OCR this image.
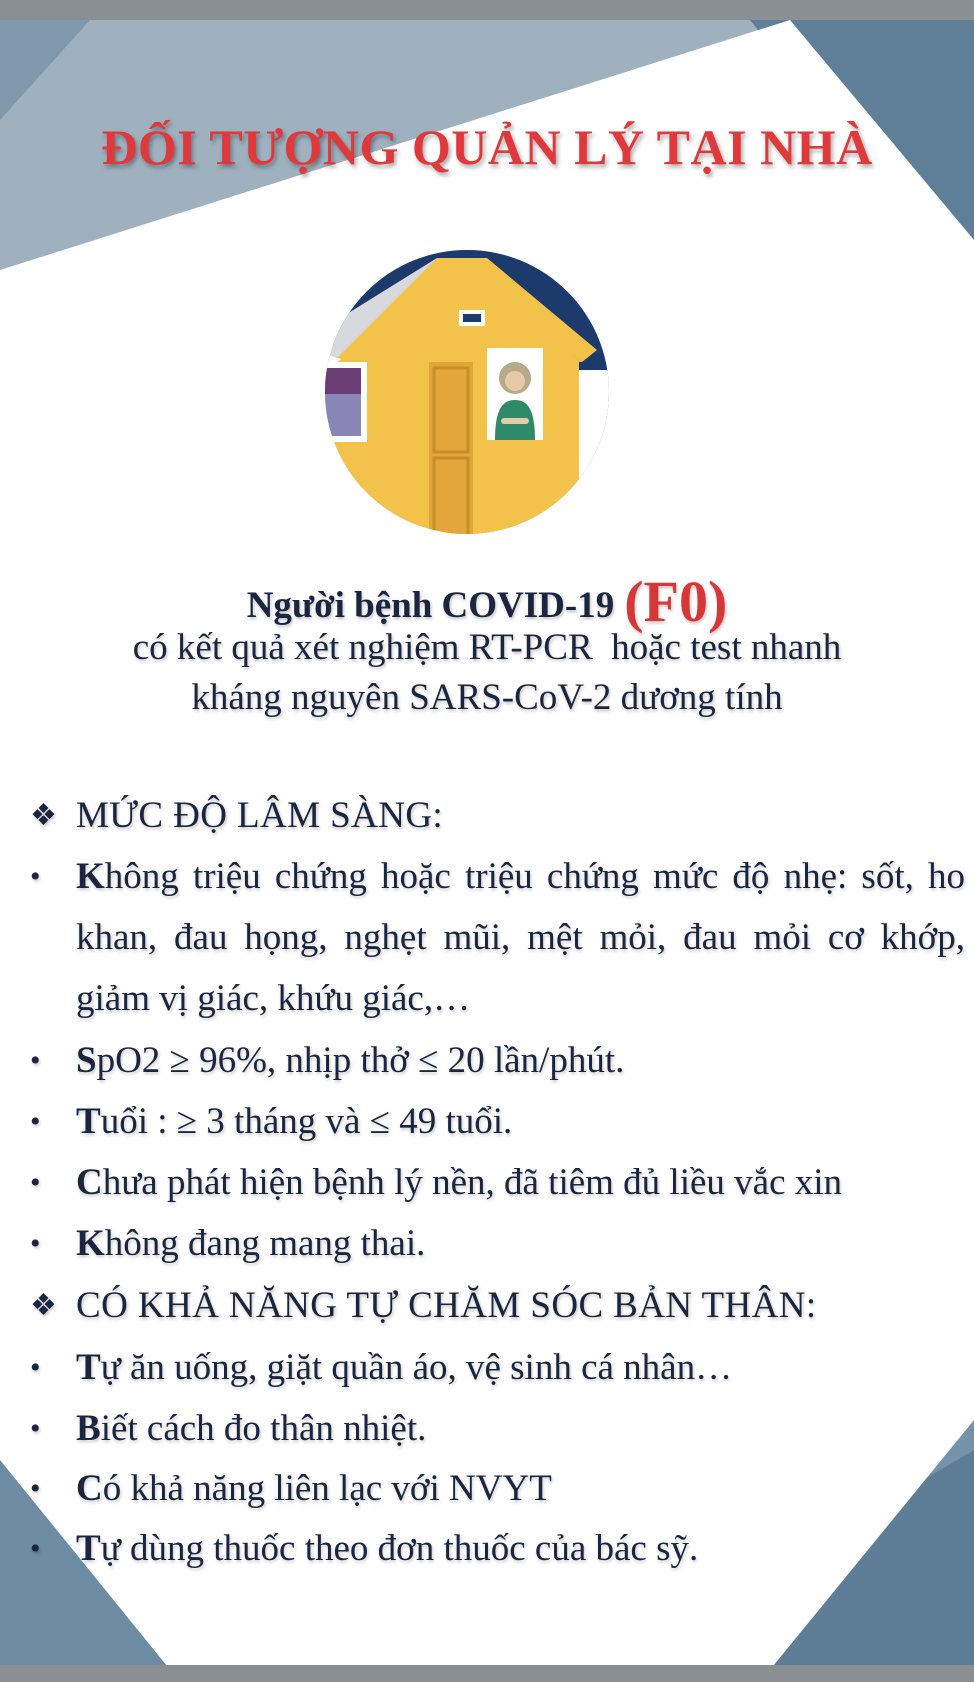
ĐỐI TƯỢNG QUẢN LÝ TẠI NHÀ
Người bệnh COVID-19 (F0)
có kết quả xét nghiệm RT-PCR  hoặc test nhanh
kháng nguyên SARS-CoV-2 dương tính
❖ MỨC ĐỘ LÂM SÀNG:
• Không triệu chứng hoặc triệu chứng mức độ nhẹ: sốt, ho khan, đau họng, nghẹt mũi, mệt mỏi, đau mỏi cơ khớp, giảm vị giác, khứu giác,…
• SpO2 ≥ 96%, nhịp thở ≤ 20 lần/phút.
• Tuổi : ≥ 3 tháng và ≤ 49 tuổi.
• Chưa phát hiện bệnh lý nền, đã tiêm đủ liều vắc xin
• Không đang mang thai.
❖ CÓ KHẢ NĂNG TỰ CHĂM SÓC BẢN THÂN:
• Tự ăn uống, giặt quần áo, vệ sinh cá nhân…
• Biết cách đo thân nhiệt.
• Có khả năng liên lạc với NVYT
• Tự dùng thuốc theo đơn thuốc của bác sỹ.
